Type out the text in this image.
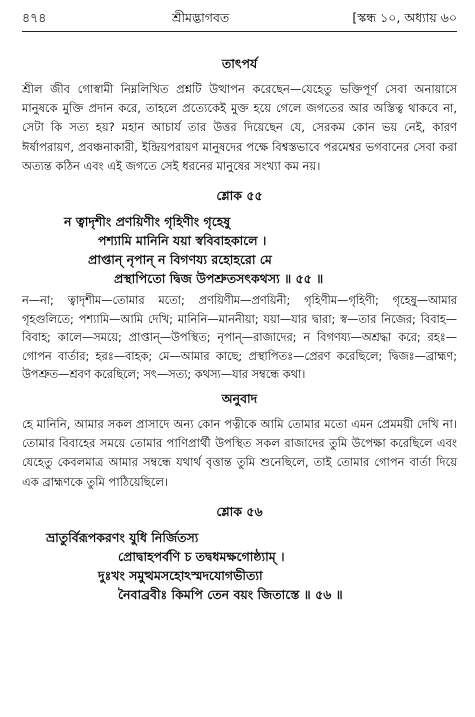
৪৭৪	শ্রীমদ্ভাগবত	[স্কন্ধ ১০, অধ্যায় ৬০
তাৎপর্য

শ্রীল জীব গোস্বামী নিম্নলিখিত প্রশ্নটি উত্থাপন করেছেন—যেহেতু ভক্তিপূর্ণ সেবা অনায়াসে মানুষকে মুক্তি প্রদান করে, তাহলে প্রত্যেকেই মুক্ত হয়ে গেলে জগতের আর অস্তিত্ব থাকবে না, সেটা কি সত্য হয়? মহান আচার্য তার উত্তর দিয়েছেন যে, সেরকম কোন ভয় নেই, কারণ ঈর্ষাপরায়ণ, প্রবঞ্চনাকারী, ইন্দ্রিয়পরায়ণ মানুষদের পক্ষে বিশ্বস্তভাবে পরমেশ্বর ভগবানের সেবা করা অত্যন্ত কঠিন এবং এই জগতে সেই ধরনের মানুষের সংখ্যা কম নয়।

শ্লোক ৫৫

ন ত্বাদৃশীং প্রণয়িণীং গৃহিণীং গৃহেষু

পশ্যামি মানিনি যয়া স্ববিবাহকালে ।

প্রাপ্তান্ নৃপান্ ন বিগণয্য রহোহরো মে

প্রস্থাপিতো দ্বিজ উপশ্রুতসৎকথস্য ॥ ৫৫ ॥

ন—না; ত্বাদৃশীম—তোমার মতো; প্রণয়িণীম—প্রণয়িনী; গৃহিণীম—গৃহিণী; গৃহেষু—আমার গৃহগুলিতে; পশ্যামি—আমি দেখি; মানিনি—মাননীয়া; যয়া—যার দ্বারা; স্ব—তার নিজের; বিবাহ—বিবাহ; কালে—সময়ে; প্রাপ্তান্—উপস্থিত; নৃপান্—রাজাদের; ন বিগণয্য—অশ্রদ্ধা করে; রহঃ—গোপন বার্তার; হরঃ—বাহক; মে—আমার কাছে; প্রস্থাপিতঃ—প্রেরণ করেছিলে; দ্বিজঃ—ব্রাহ্মণ; উপশ্রুত—শ্রবণ করেছিলে; সৎ—সত্য; কথস্য—যার সম্বন্ধে কথা।

অনুবাদ

হে মানিনি, আমার সকল প্রাসাদে অন্য কোন পত্নীকে আমি তোমার মতো এমন প্রেমময়ী দেখি না। তোমার বিবাহের সময়ে তোমার পাণিপ্রার্থী উপস্থিত সকল রাজাদের তুমি উপেক্ষা করেছিলে এবং যেহেতু কেবলমাত্র আমার সম্বন্ধে যথার্থ বৃত্তান্ত তুমি শুনেছিলে, তাই তোমার গোপন বার্তা দিয়ে এক ব্রাহ্মণকে তুমি পাঠিয়েছিলে।

শ্লোক ৫৬

ভ্রাতুর্বিরূপকরণং যুধি নির্জিতস্য

প্রোদ্বাহপর্বণি চ তদ্বধমক্ষগোষ্ঠ্যাম্ ।

দুঃখং সমুত্থমসহোঽস্মদযোগভীত্যা

নৈবাব্রবীঃ কিমপি তেন বয়ং জিতাস্তে ॥ ৫৬ ॥
